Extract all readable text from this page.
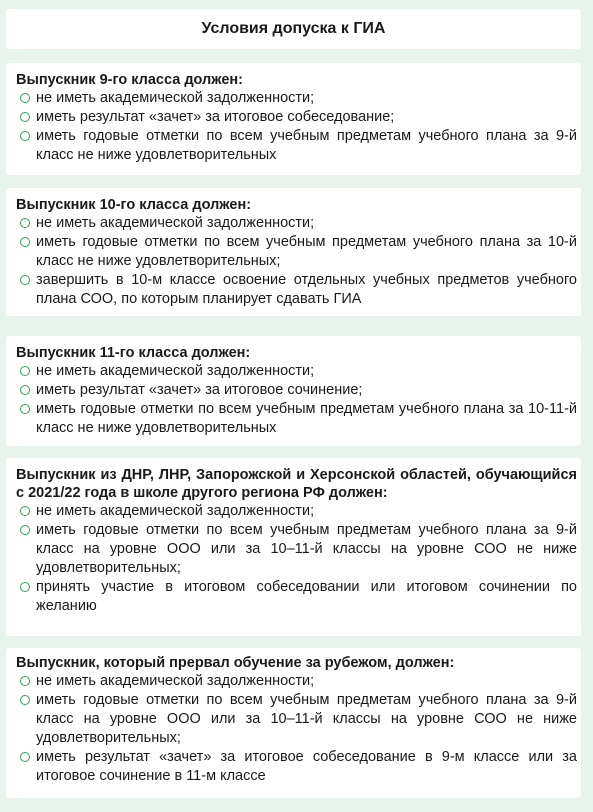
Условия допуска к ГИА
Выпускник 9-го класса должен:
не иметь академической задолженности;
иметь результат «зачет» за итоговое собеседование;
иметь годовые отметки по всем учебным предметам учебного плана за 9-й класс не ниже удовлетворительных
Выпускник 10-го класса должен:
не иметь академической задолженности;
иметь годовые отметки по всем учебным предметам учебного плана за 10-й класс не ниже удовлетворительных;
завершить в 10-м классе освоение отдельных учебных предметов учебного плана СОО, по которым планирует сдавать ГИА
Выпускник 11-го класса должен:
не иметь академической задолженности;
иметь результат «зачет» за итоговое сочинение;
иметь годовые отметки по всем учебным предметам учебного плана за 10-11-й класс не ниже удовлетворительных
Выпускник из ДНР, ЛНР, Запорожской и Херсонской областей, обучающийся с 2021/22 года в школе другого региона РФ должен:
не иметь академической задолженности;
иметь годовые отметки по всем учебным предметам учебного плана за 9-й класс на уровне ООО или за 10–11-й классы на уровне СОО не ниже удовлетворительных;
принять участие в итоговом собеседовании или итоговом сочинении по желанию
Выпускник, который прервал обучение за рубежом, должен:
не иметь академической задолженности;
иметь годовые отметки по всем учебным предметам учебного плана за 9-й класс на уровне ООО или за 10–11-й классы на уровне СОО не ниже удовлетворительных;
иметь результат «зачет» за итоговое собеседование в 9-м классе или за итоговое сочинение в 11-м классе
